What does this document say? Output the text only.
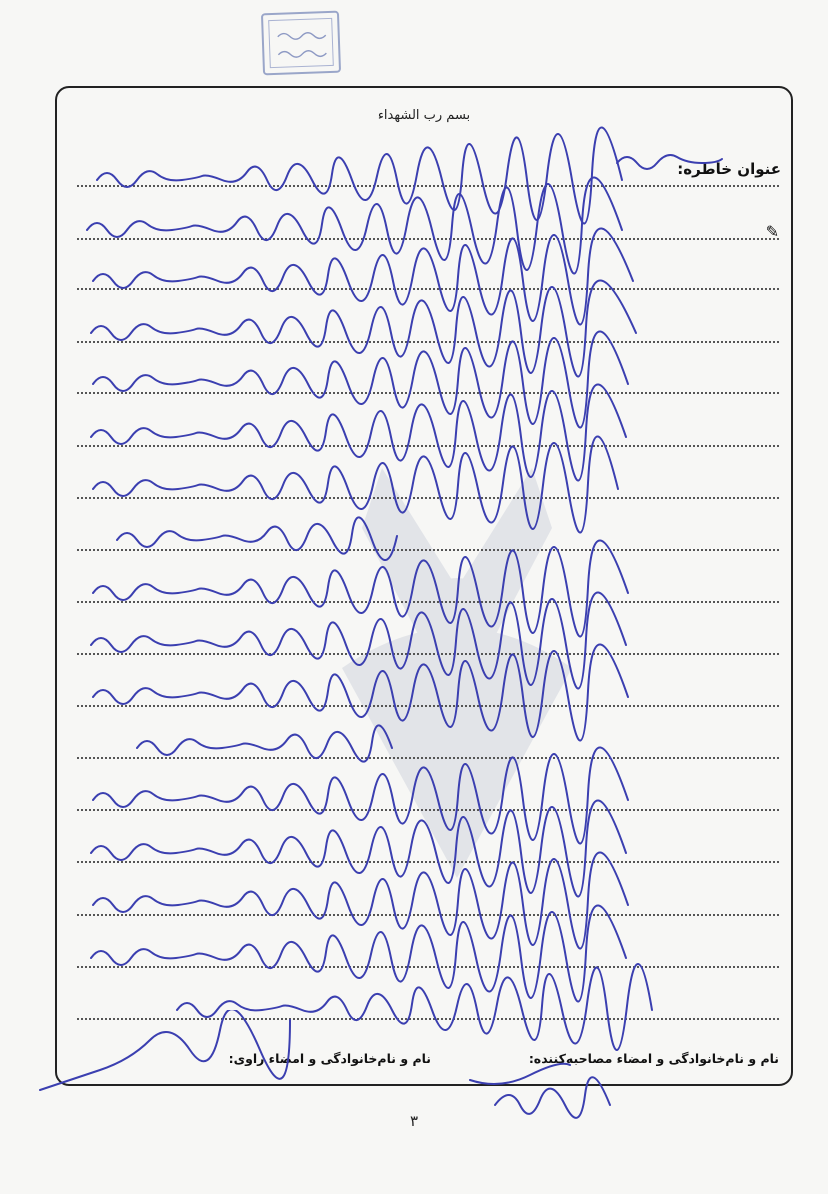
بسم رب الشهداء
عنوان خاطره:
✎
نام و نام‌خانوادگی و امضاء مصاحبه‌کننده:
نام و نام‌خانوادگی و امضاء راوی:
۳
